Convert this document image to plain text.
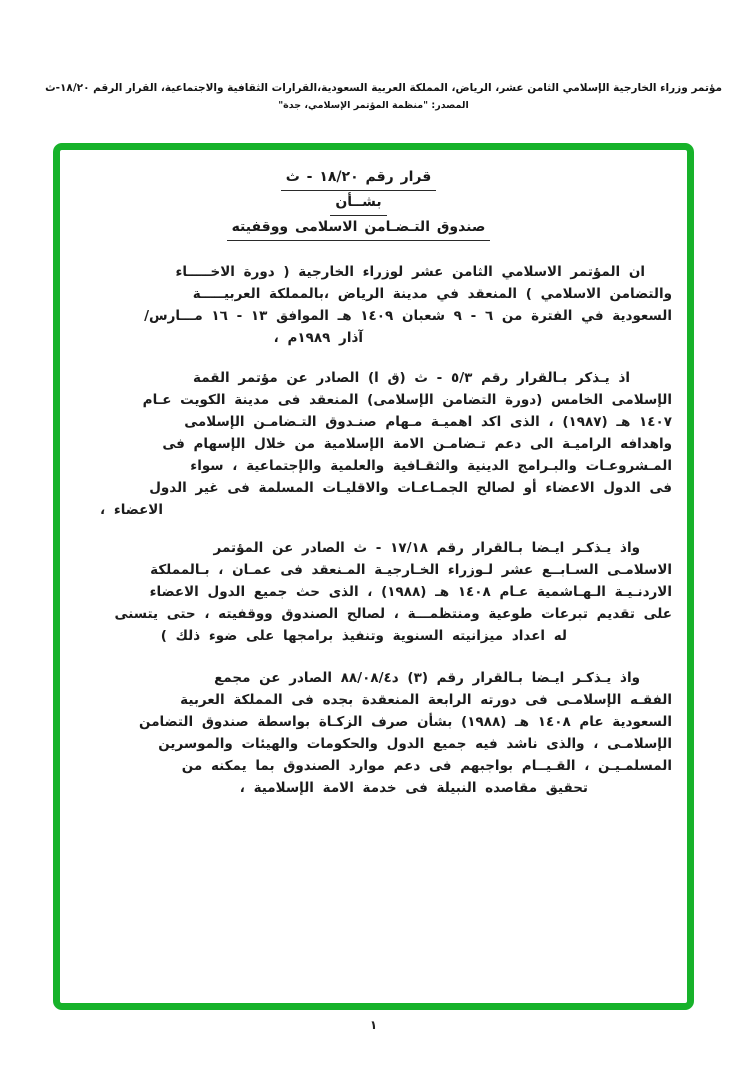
مؤتمر وزراء الخارجية الإسلامي الثامن عشر، الرياض، المملكة العربية السعودية،القرارات الثقافية والاجتماعية، القرار الرقم ١٨/٢٠-ث
المصدر: "منظمة المؤتمر الإسلامي، جدة"
قرار رقم ١٨/٢٠ - ث
بشــأن
صندوق التـضـامن الاسلامى ووقفيته
ان المؤتمر الاسلامي الثامن عشر لوزراء الخارجية ( دورة الاخـــــاء
والتضامن الاسلامي ) المنعقد في مدينة الرياض ،بالمملكة العربيـــــة
السعودية في الفترة من ٦ - ٩ شعبان ١٤٠٩ هـ الموافق ١٣ - ١٦ مـــارس/
آذار ١٩٨٩م ،
اذ يـذكر بـالقرار رقم ٥/٣ - ث (ق ا) الصادر عن مؤتمر القمة
الإسلامى الخامس (دورة التضامن الإسلامى) المنعقد فى مدينة الكويت عـام
١٤٠٧ هـ (١٩٨٧) ، الذى اكد اهميـة مـهام صنـدوق التـضامـن الإسلامى
واهدافه الراميـة الى دعم تـضامـن الامة الإسلامية من خلال الإسهام فى
المـشروعـات والبـرامج الدينية والثقـافية والعلمية والإجتماعية ، سواء
فى الدول الاعضاء أو لصالح الجمـاعـات والاقليـات المسلمة فى غير الدول
الاعضاء ،
واذ يـذكـر ايـضا بـالقرار رقم ١٧/١٨ - ث الصادر عن المؤتمر
الاسلامـى السـابــع عشر لـوزراء الخـارجيـة المـنعقد فى عمـان ، بـالمملكة
الاردنـيـة الـهـاشمية عـام ١٤٠٨ هـ (١٩٨٨) ، الذى حث جميع الدول الاعضاء
على تقديم تبرعات طوعية ومنتظمـــة ، لصالح الصندوق ووقفيته ، حتى يتسنى
له اعداد ميزانيته السنوية وتنفيذ برامجها على ضوء ذلك )
واذ يـذكـر ايـضا بـالقرار رقم (٣) د٨٨/٠٨/٤ الصادر عن مجمع
الفقـه الإسلامـى فى دورته الرابعة المنعقدة بجده فى المملكة العربية
السعودية عام ١٤٠٨ هـ (١٩٨٨) بشأن صرف الزكـاة بواسطة صندوق التضامن
الإسلامـى ، والذى ناشد فيه جميع الدول والحكومات والهيئات والموسرين
المسلمـيـن ، القـيــام بواجبهم فى دعم موارد الصندوق بما يمكنه من
تحقيق مقاصده النبيلة فى خدمة الامة الإسلامية ،
١
